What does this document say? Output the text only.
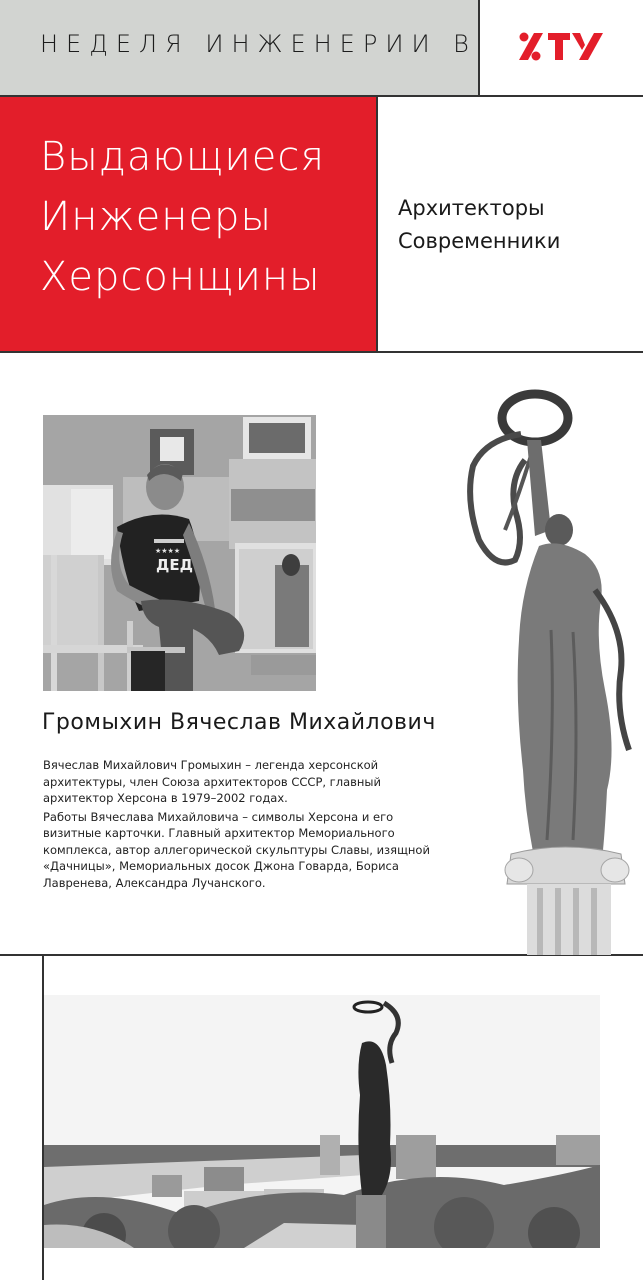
НЕДЕЛЯ ИНЖЕНЕРИИ В
Выдающиеся
Инженеры
Херсонщины
Архитекторы
Современники
★★★★
ДЕД
Громыхин Вячеслав Михайлович

Вячеслав Михайлович Громыхин – легенда херсонской архитектуры, член Союза архитекторов СССР, главный архитектор Херсона в 1979–2002 годах.

Работы Вячеслава Михайловича – символы Херсона и его визитные карточки. Главный архитектор Мемориального комплекса, автор аллегорической скульптуры Славы, изящной «Дачницы», Мемориальных досок Джона Говарда, Бориса Лавренева, Александра Лучанского.
